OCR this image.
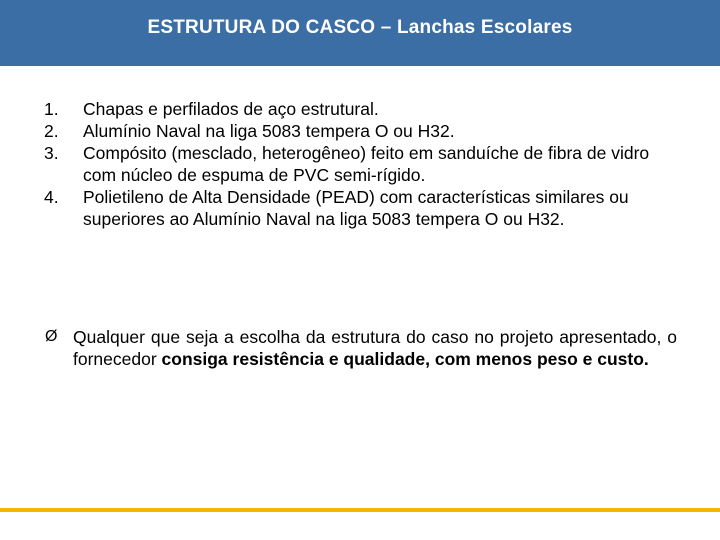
ESTRUTURA DO CASCO – Lanchas Escolares
1.	Chapas e perfilados de aço estrutural.
2.	Alumínio Naval na liga 5083 tempera O ou H32.
3.	Compósito (mesclado, heterogêneo) feito em sanduíche de fibra de vidro com núcleo de espuma de PVC semi-rígido.
4.	Polietileno de Alta Densidade (PEAD) com características similares ou superiores ao Alumínio Naval na liga 5083 tempera O ou H32.
Ø Qualquer que seja a escolha da estrutura do caso no projeto apresentado, o fornecedor consiga resistência e qualidade, com menos peso e custo.
